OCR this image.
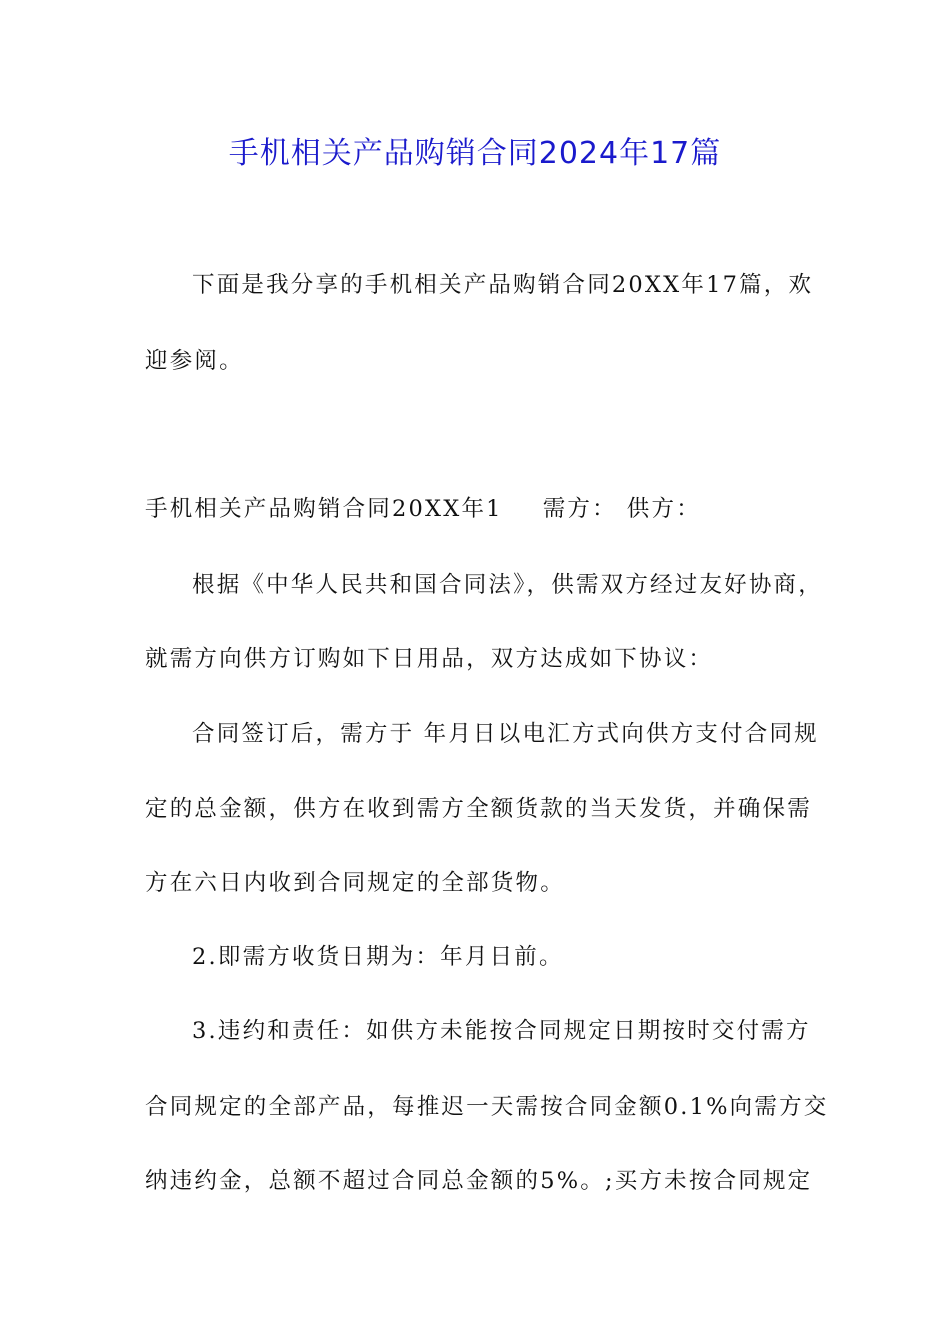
手机相关产品购销合同2024年17篇

下面是我分享的手机相关产品购销合同20XX年17篇，欢

迎参阅。

手机相关产品购销合同20XX年1 需方： 供方：

根据《中华人民共和国合同法》，供需双方经过友好协商，

就需方向供方订购如下日用品，双方达成如下协议：

合同签订后，需方于 年月日以电汇方式向供方支付合同规

定的总金额，供方在收到需方全额货款的当天发货，并确保需

方在六日内收到合同规定的全部货物。

2.即需方收货日期为：年月日前。

3.违约和责任：如供方未能按合同规定日期按时交付需方

合同规定的全部产品，每推迟一天需按合同金额0.1%向需方交

纳违约金，总额不超过合同总金额的5%。;买方未按合同规定
